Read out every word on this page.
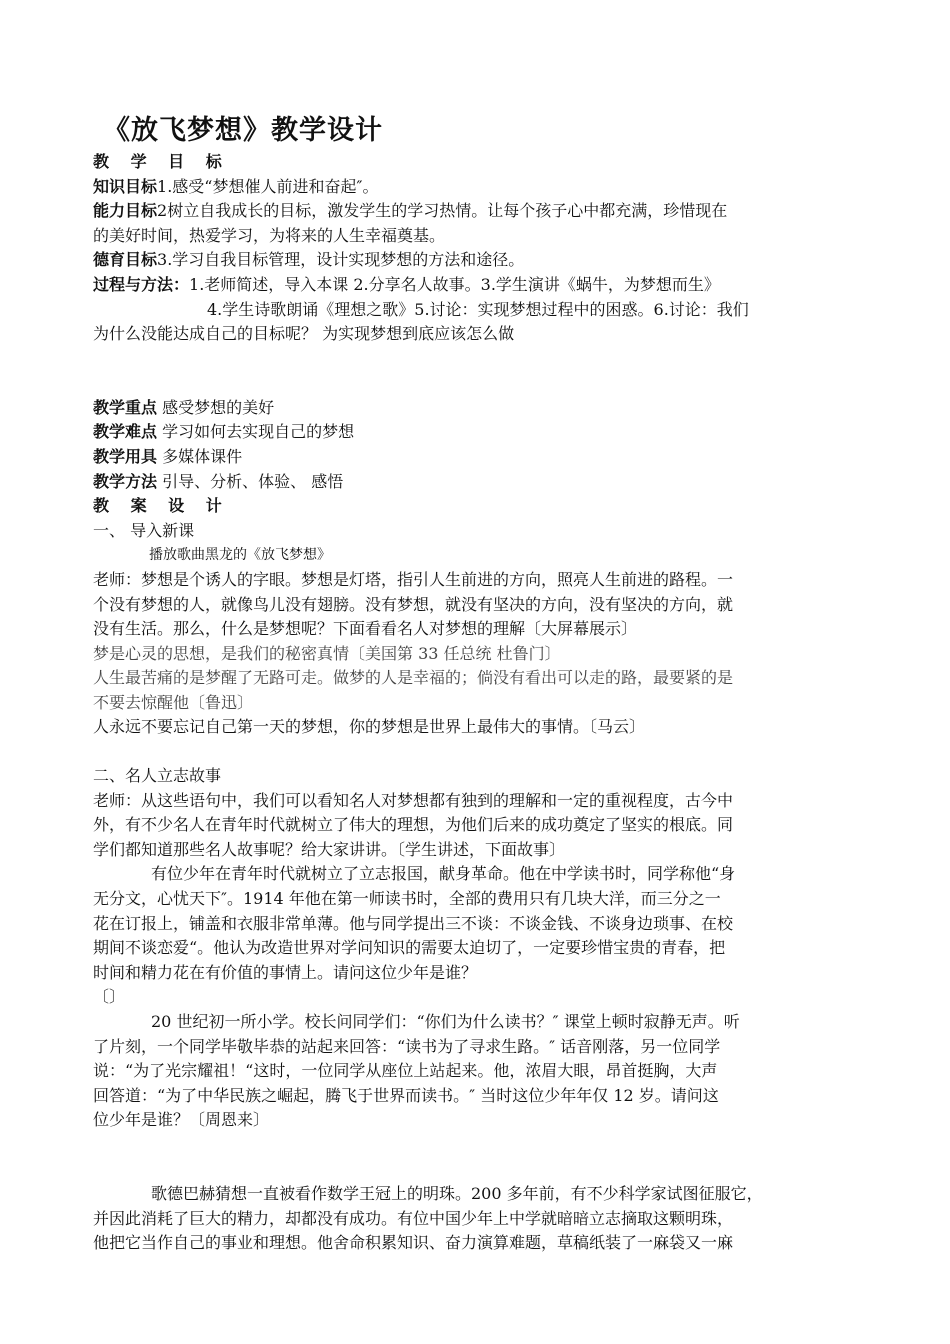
《放飞梦想》教学设计

教 学 目 标

知识目标1.感受“梦想催人前进和奋起″。

能力目标2树立自我成长的目标，激发学生的学习热情。让每个孩子心中都充满，珍惜现在

的美好时间，热爱学习，为将来的人生幸福奠基。

德育目标3.学习自我目标管理，设计实现梦想的方法和途径。

过程与方法：1.老师简述，导入本课 2.分享名人故事。3.学生演讲《蜗牛，为梦想而生》

4.学生诗歌朗诵《理想之歌》5.讨论：实现梦想过程中的困惑。6.讨论：我们

为什么没能达成自己的目标呢？ 为实现梦想到底应该怎么做

教学重点 感受梦想的美好

教学难点 学习如何去实现自己的梦想

教学用具 多媒体课件

教学方法 引导、分析、体验、 感悟

教 案 设 计

一、 导入新课

播放歌曲黑龙的《放飞梦想》

老师：梦想是个诱人的字眼。梦想是灯塔，指引人生前进的方向，照亮人生前进的路程。一

个没有梦想的人，就像鸟儿没有翅膀。没有梦想，就没有坚决的方向，没有坚决的方向，就

没有生活。那么，什么是梦想呢？下面看看名人对梦想的理解〔大屏幕展示〕

梦是心灵的思想，是我们的秘密真情〔美国第 33 任总统 杜鲁门〕

人生最苦痛的是梦醒了无路可走。做梦的人是幸福的；倘没有看出可以走的路，最要紧的是

不要去惊醒他〔鲁迅〕

人永远不要忘记自己第一天的梦想，你的梦想是世界上最伟大的事情。〔马云〕

二、名人立志故事

老师：从这些语句中，我们可以看知名人对梦想都有独到的理解和一定的重视程度，古今中

外，有不少名人在青年时代就树立了伟大的理想，为他们后来的成功奠定了坚实的根底。同

学们都知道那些名人故事呢？给大家讲讲。〔学生讲述，下面故事〕

有位少年在青年时代就树立了立志报国，献身革命。他在中学读书时，同学称他“身

无分文，心忧天下″。1914 年他在第一师读书时，全部的费用只有几块大洋，而三分之一

花在订报上，铺盖和衣服非常单薄。他与同学提出三不谈：不谈金钱、不谈身边琐事、在校

期间不谈恋爱“。他认为改造世界对学问知识的需要太迫切了，一定要珍惜宝贵的青春，把

时间和精力花在有价值的事情上。请问这位少年是谁？

〔〕

20 世纪初一所小学。校长问同学们：“你们为什么读书？″ 课堂上顿时寂静无声。听

了片刻，一个同学毕敬毕恭的站起来回答：“读书为了寻求生路。″ 话音刚落，另一位同学

说：“为了光宗耀祖！“这时，一位同学从座位上站起来。他，浓眉大眼，昂首挺胸，大声

回答道：“为了中华民族之崛起，腾飞于世界而读书。″ 当时这位少年年仅 12 岁。请问这

位少年是谁？〔周恩来〕

歌德巴赫猜想一直被看作数学王冠上的明珠。200 多年前，有不少科学家试图征服它，

并因此消耗了巨大的精力，却都没有成功。有位中国少年上中学就暗暗立志摘取这颗明珠，

他把它当作自己的事业和理想。他舍命积累知识、奋力演算难题，草稿纸装了一麻袋又一麻
